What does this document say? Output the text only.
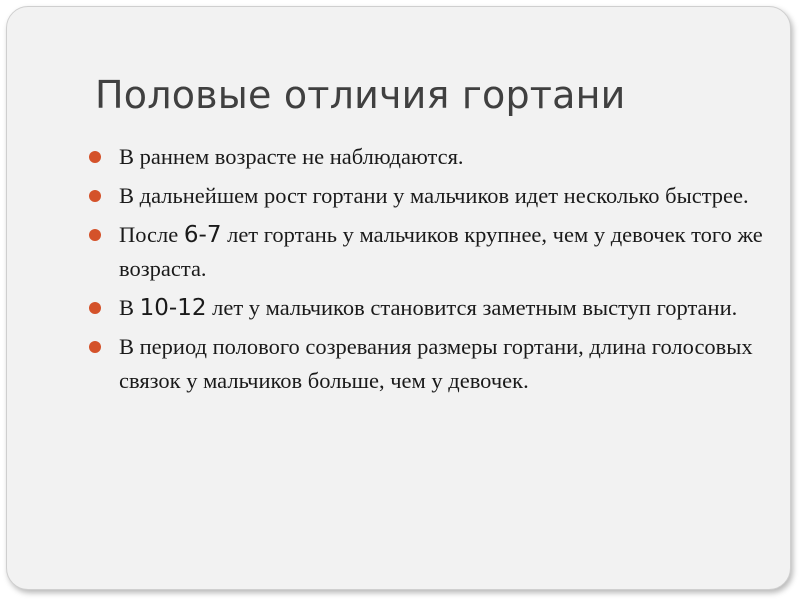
Половые отличия гортани
В раннем возрасте не наблюдаются.
В дальнейшем рост гортани у мальчиков идет несколько быстрее.
После 6-7 лет гортань у мальчиков крупнее, чем у девочек того же возраста.
В 10-12 лет у мальчиков становится заметным выступ гортани.
В период полового созревания размеры гортани, длина голосовых связок у мальчиков больше, чем у девочек.
